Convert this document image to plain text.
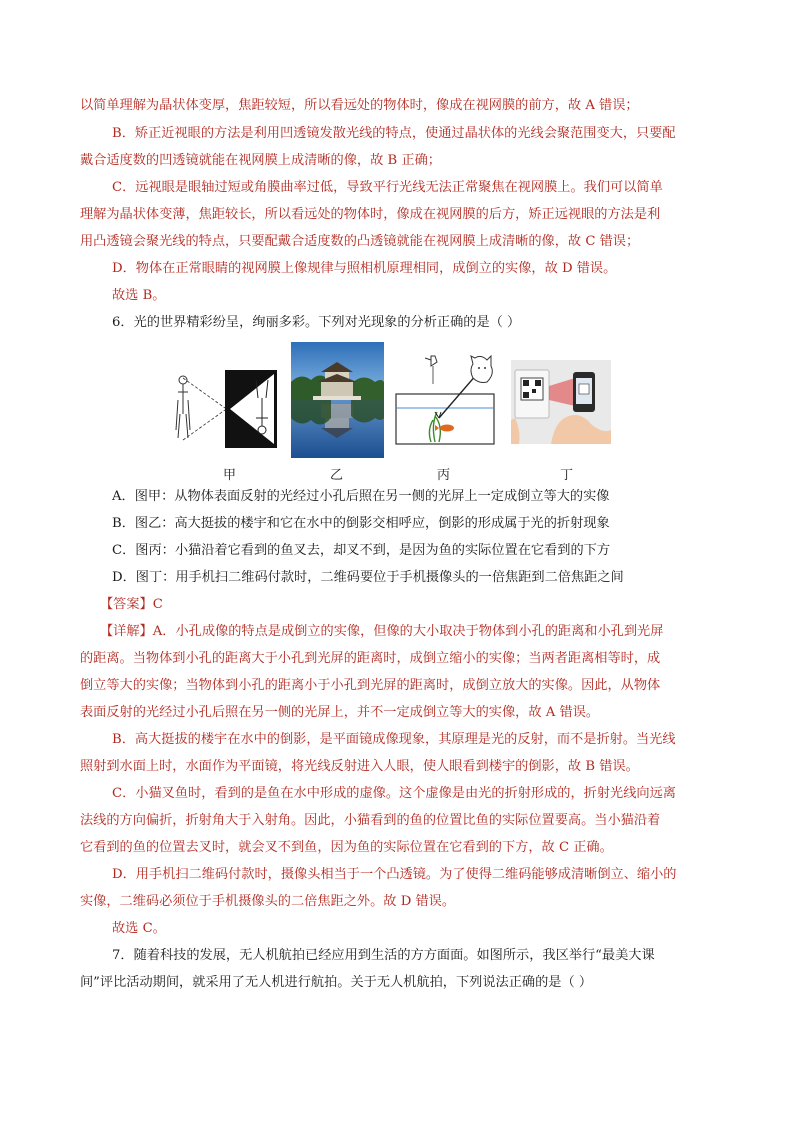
以简单理解为晶状体变厚，焦距较短，所以看远处的物体时，像成在视网膜的前方，故 A 错误；
B．矫正近视眼的方法是利用凹透镜发散光线的特点，使通过晶状体的光线会聚范围变大，只要配
戴合适度数的凹透镜就能在视网膜上成清晰的像，故 B 正确；
C．远视眼是眼轴过短或角膜曲率过低，导致平行光线无法正常聚焦在视网膜上。我们可以简单
理解为晶状体变薄，焦距较长，所以看远处的物体时，像成在视网膜的后方，矫正远视眼的方法是利
用凸透镜会聚光线的特点，只要配戴合适度数的凸透镜就能在视网膜上成清晰的像，故 C 错误；
D．物体在正常眼睛的视网膜上像规律与照相机原理相同，成倒立的实像，故 D 错误。
故选 B。
6．光的世界精彩纷呈，绚丽多彩。下列对光现象的分析正确的是（ ）
甲	乙	丙	丁
A．图甲：从物体表面反射的光经过小孔后照在另一侧的光屏上一定成倒立等大的实像
B．图乙：高大挺拔的楼宇和它在水中的倒影交相呼应，倒影的形成属于光的折射现象
C．图丙：小猫沿着它看到的鱼叉去，却叉不到，是因为鱼的实际位置在它看到的下方
D．图丁：用手机扫二维码付款时，二维码要位于手机摄像头的一倍焦距到二倍焦距之间
【答案】C
【详解】A．小孔成像的特点是成倒立的实像，但像的大小取决于物体到小孔的距离和小孔到光屏
的距离。当物体到小孔的距离大于小孔到光屏的距离时，成倒立缩小的实像；当两者距离相等时，成
倒立等大的实像；当物体到小孔的距离小于小孔到光屏的距离时，成倒立放大的实像。因此，从物体
表面反射的光经过小孔后照在另一侧的光屏上，并不一定成倒立等大的实像，故 A 错误。
B．高大挺拔的楼宇在水中的倒影，是平面镜成像现象，其原理是光的反射，而不是折射。当光线
照射到水面上时，水面作为平面镜，将光线反射进入人眼，使人眼看到楼宇的倒影，故 B 错误。
C．小猫叉鱼时，看到的是鱼在水中形成的虚像。这个虚像是由光的折射形成的，折射光线向远离
法线的方向偏折，折射角大于入射角。因此，小猫看到的鱼的位置比鱼的实际位置要高。当小猫沿着
它看到的鱼的位置去叉时，就会叉不到鱼，因为鱼的实际位置在它看到的下方，故 C 正确。
D．用手机扫二维码付款时，摄像头相当于一个凸透镜。为了使得二维码能够成清晰倒立、缩小的
实像，二维码必须位于手机摄像头的二倍焦距之外。故 D 错误。
故选 C。
7．随着科技的发展，无人机航拍已经应用到生活的方方面面。如图所示，我区举行“最美大课
间”评比活动期间，就采用了无人机进行航拍。关于无人机航拍，下列说法正确的是（ ）
